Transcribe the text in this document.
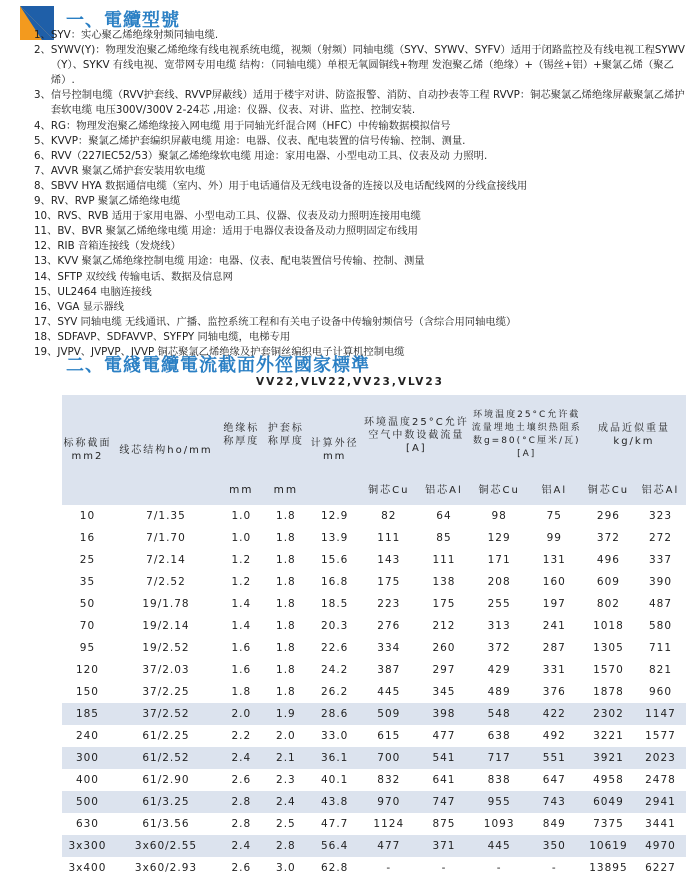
一、電纜型號
1、 SYV：实心聚乙烯绝缘射频同轴电缆.
2、 SYWV(Y)：物理发泡聚乙烯绝缘有线电视系统电缆，视频（射频）同轴电缆（SYV、SYWV、SYFV）适用于闭路监控及有线电视工程SYWV（Y）、SYKV 有线电视、宽带网专用电缆 结构：（同轴电缆）单根无氧圆铜线+物理 发泡聚乙烯（绝缘）+（锡丝+铝）+聚氯乙烯（聚乙烯）.
3、 信号控制电缆（RVV护套线、RVVP屏蔽线）适用于楼宇对讲、防盗报警、消防、自动抄表等工程 RVVP：铜芯聚氯乙烯绝缘屏蔽聚氯乙烯护套软电缆 电压300V/300V 2-24芯 ,用途：仪器、仪表、对讲、监控、控制安装.
4、 RG：物理发泡聚乙烯绝缘接入网电缆 用于同轴光纤混合网（HFC）中传输数据模拟信号
5、 KVVP：聚氯乙烯护套编织屏蔽电缆 用途：电器、仪表、配电装置的信号传输、控制、测量.
6、 RVV（227IEC52/53）聚氯乙烯绝缘软电缆 用途：家用电器、小型电动工具、仪表及动 力照明.
7、 AVVR 聚氯乙烯护套安装用软电缆
8、 SBVV HYA 数据通信电缆（室内、外）用于电话通信及无线电设备的连接以及电话配线网的分线盒接线用
9、 RV、RVP 聚氯乙烯绝缘电缆
10、 RVS、RVB 适用于家用电器、小型电动工具、仪器、仪表及动力照明连接用电缆
11、 BV、BVR 聚氯乙烯绝缘电缆 用途：适用于电器仪表设备及动力照明固定布线用
12、 RIB 音箱连接线（发烧线）
13、 KVV 聚氯乙烯绝缘控制电缆 用途：电器、仪表、配电装置信号传输、控制、测量
14、 SFTP 双绞线 传输电话、数据及信息网
15、 UL2464 电脑连接线
16、 VGA 显示器线
17、 SYV 同轴电缆 无线通讯、广播、监控系统工程和有关电子设备中传输射频信号（含综合用同轴电缆）
18、 SDFAVP、SDFAVVP、SYFPY 同轴电缆，电梯专用
19、 JVPV、JVPVP、JVVP 铜芯聚氯乙烯绝缘及护套铜丝编织电子计算机控制电缆
二、電綫電纜電流截面外徑國家標準
VV22,VLV22,VV23,VLV23
标称截面mm2	线芯结构ho/mm	绝缘标称厚度	护套标称厚度	计算外径mm	环境温度25°C允许空气中数设截流量[A]		环境温度25°C允许截流量埋地土壤织热阻系数g=80(°C厘米/瓦)[A]		成品近似重量kg/km	
		mm	mm		铜芯Cu	铝芯Al	铜芯Cu	铝Al	铜芯Cu	铝芯Al
10	7/1.35	1.0	1.8	12.9	82	64	98	75	296	323
16	7/1.70	1.0	1.8	13.9	111	85	129	99	372	272
25	7/2.14	1.2	1.8	15.6	143	111	171	131	496	337
35	7/2.52	1.2	1.8	16.8	175	138	208	160	609	390
50	19/1.78	1.4	1.8	18.5	223	175	255	197	802	487
70	19/2.14	1.4	1.8	20.3	276	212	313	241	1018	580
95	19/2.52	1.6	1.8	22.6	334	260	372	287	1305	711
120	37/2.03	1.6	1.8	24.2	387	297	429	331	1570	821
150	37/2.25	1.8	1.8	26.2	445	345	489	376	1878	960
185	37/2.52	2.0	1.9	28.6	509	398	548	422	2302	1147
240	61/2.25	2.2	2.0	33.0	615	477	638	492	3221	1577
300	61/2.52	2.4	2.1	36.1	700	541	717	551	3921	2023
400	61/2.90	2.6	2.3	40.1	832	641	838	647	4958	2478
500	61/3.25	2.8	2.4	43.8	970	747	955	743	6049	2941
630	61/3.56	2.8	2.5	47.7	1124	875	1093	849	7375	3441
3x300	3x60/2.55	2.4	2.8	56.4	477	371	445	350	10619	4970
3x400	3x60/2.93	2.6	3.0	62.8	-	-	-	-	13895	6227
